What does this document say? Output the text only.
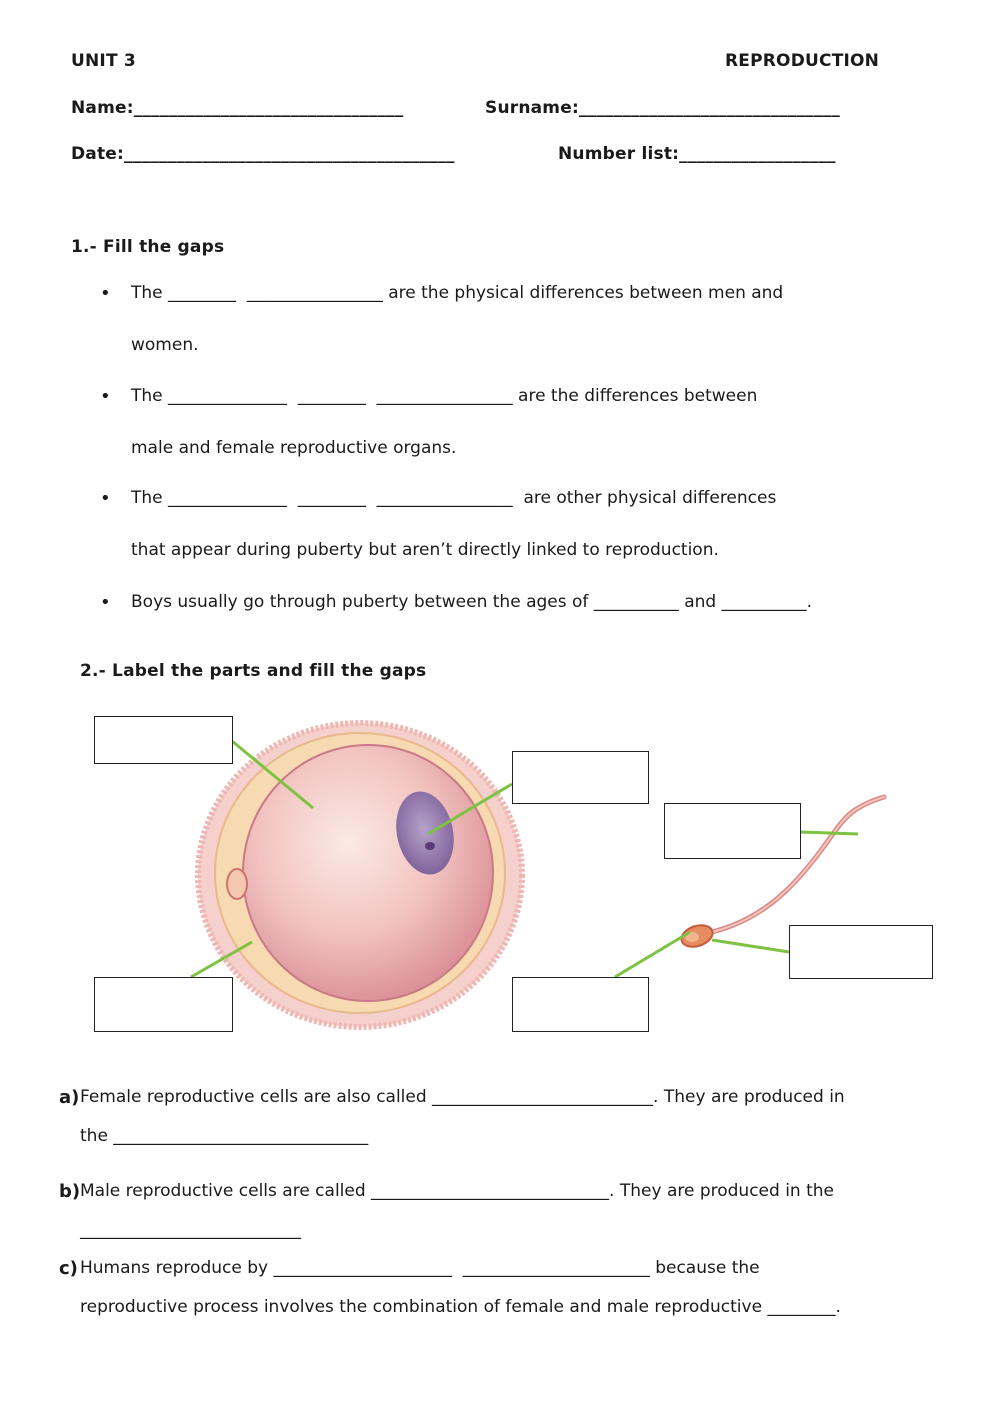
UNIT 3	REPRODUCTION
Name:_______________________________	Surname:______________________________
Date:______________________________________	Number list:__________________
1.- Fill the gaps
• The ________  ________________ are the physical differences between men and
women.
• The ______________  ________  ________________ are the differences between
male and female reproductive organs.
• The ______________  ________  ________________  are other physical differences
that appear during puberty but aren’t directly linked to reproduction.
• Boys usually go through puberty between the ages of __________ and __________.
2.- Label the parts and fill the gaps
a) Female reproductive cells are also called __________________________. They are produced in
the ______________________________
b) Male reproductive cells are called ____________________________. They are produced in the
__________________________
c) Humans reproduce by _____________________  ______________________ because the
reproductive process involves the combination of female and male reproductive ________.
